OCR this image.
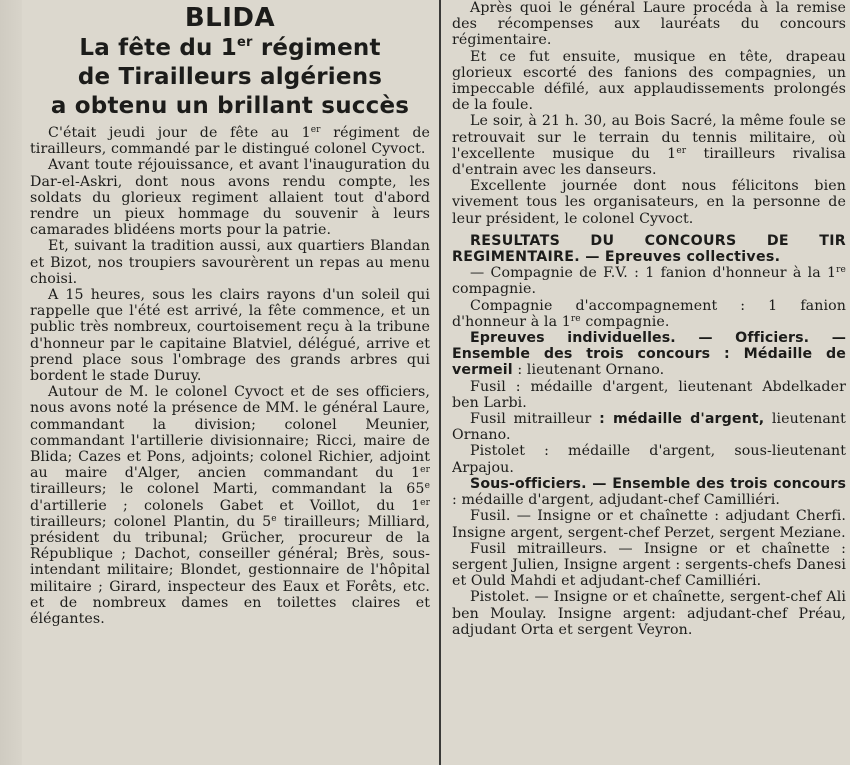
BLIDA
La fête du 1er régiment
de Tirailleurs algériens
a obtenu un brillant succès

C'était jeudi jour de fête au 1er régiment de tirailleurs, commandé par le distingué colonel Cyvoct.

Avant toute réjouissance, et avant l'inauguration du Dar-el-Askri, dont nous avons rendu compte, les soldats du glorieux regiment allaient tout d'abord rendre un pieux hommage du souvenir à leurs camarades blidéens morts pour la patrie.

Et, suivant la tradition aussi, aux quartiers Blandan et Bizot, nos troupiers savourèrent un repas au menu choisi.

A 15 heures, sous les clairs rayons d'un soleil qui rappelle que l'été est arrivé, la fête commence, et un public très nombreux, courtoisement reçu à la tribune d'honneur par le capitaine Blatviel, délégué, arrive et prend place sous l'ombrage des grands arbres qui bordent le stade Duruy.

Autour de M. le colonel Cyvoct et de ses officiers, nous avons noté la présence de MM. le général Laure, commandant la division; colonel Meunier, commandant l'artillerie divisionnaire; Ricci, maire de Blida; Cazes et Pons, adjoints; colonel Richier, adjoint au maire d'Alger, ancien commandant du 1er tirailleurs; le colonel Marti, commandant la 65e d'artillerie ; colonels Gabet et Voillot, du 1er tirailleurs; colonel Plantin, du 5e tirailleurs; Milliard, président du tribunal; Grücher, procureur de la République ; Dachot, conseiller général; Brès, sous-intendant militaire; Blondet, gestionnaire de l'hôpital militaire ; Girard, inspecteur des Eaux et Forêts, etc. et de nombreux dames en toilettes claires et élégantes.

Après quoi le général Laure procéda à la remise des récompenses aux lauréats du concours régimentaire.

Et ce fut ensuite, musique en tête, drapeau glorieux escorté des fanions des compagnies, un impeccable défilé, aux applaudissements prolongés de la foule.

Le soir, à 21 h. 30, au Bois Sacré, la même foule se retrouvait sur le terrain du tennis militaire, où l'excellente musique du 1er tirailleurs rivalisa d'entrain avec les danseurs.

Excellente journée dont nous félicitons bien vivement tous les organisateurs, en la personne de leur président, le colonel Cyvoct.

RESULTATS DU CONCOURS DE TIR REGIMENTAIRE. — Epreuves collectives.

— Compagnie de F.V. : 1 fanion d'honneur à la 1re compagnie.

Compagnie d'accompagnement : 1 fanion d'honneur à la 1re compagnie.

Epreuves individuelles. — Officiers. — Ensemble des trois concours : Médaille de vermeil : lieutenant Ornano.

Fusil : médaille d'argent, lieutenant Abdelkader ben Larbi.

Fusil mitrailleur : médaille d'argent, lieutenant Ornano.

Pistolet : médaille d'argent, sous-lieutenant Arpajou.

Sous-officiers. — Ensemble des trois concours : médaille d'argent, adjudant-chef Camilliéri.

Fusil. — Insigne or et chaînette : adjudant Cherfi. Insigne argent, sergent-chef Perzet, sergent Meziane.

Fusil mitrailleurs. — Insigne or et chaînette : sergent Julien, Insigne argent : sergents-chefs Danesi et Ould Mahdi et adjudant-chef Camilliéri.

Pistolet. — Insigne or et chaînette, sergent-chef Ali ben Moulay. Insigne argent: adjudant-chef Préau, adjudant Orta et sergent Veyron.
